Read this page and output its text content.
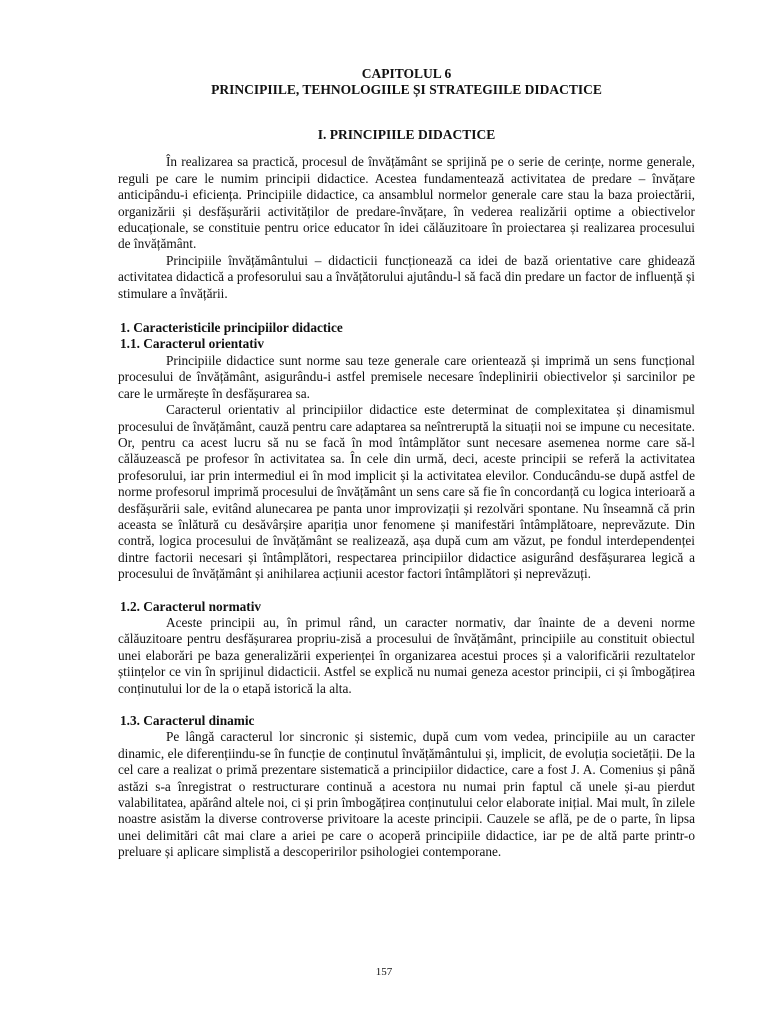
CAPITOLUL 6
PRINCIPIILE, TEHNOLOGIILE ȘI STRATEGIILE DIDACTICE
I. PRINCIPIILE DIDACTICE

În realizarea sa practică, procesul de învățământ se sprijină pe o serie de cerințe, norme generale, reguli pe care le numim principii didactice. Acestea fundamentează activitatea de predare – învățare anticipându-i eficiența. Principiile didactice, ca ansamblul normelor generale care stau la baza proiectării, organizării și desfășurării activităților de predare-învățare, în vederea realizării optime a obiectivelor educaționale, se constituie pentru orice educator în idei călăuzitoare în proiectarea și realizarea procesului de învățământ.

Principiile învățământului – didacticii funcționează ca idei de bază orientative care ghidează activitatea didactică a profesorului sau a învățătorului ajutându-l să facă din predare un factor de influență și stimulare a învățării.

1. Caracteristicile principiilor didactice
1.1. Caracterul orientativ

Principiile didactice sunt norme sau teze generale care orientează și imprimă un sens funcțional procesului de învățământ, asigurându-i astfel premisele necesare îndeplinirii obiectivelor și sarcinilor pe care le urmărește în desfășurarea sa.

Caracterul orientativ al principiilor didactice este determinat de complexitatea și dinamismul procesului de învățământ, cauză pentru care adaptarea sa neîntreruptă la situații noi se impune cu necesitate. Or, pentru ca acest lucru să nu se facă în mod întâmplător sunt necesare asemenea norme care să-l călăuzească pe profesor în activitatea sa. În cele din urmă, deci, aceste principii se referă la activitatea profesorului, iar prin intermediul ei în mod implicit și la activitatea elevilor. Conducându-se după astfel de norme profesorul imprimă procesului de învățământ un sens care să fie în concordanță cu logica interioară a desfășurării sale, evitând alunecarea pe panta unor improvizații și rezolvări spontane. Nu înseamnă că prin aceasta se înlătură cu desăvârșire apariția unor fenomene și manifestări întâmplătoare, neprevăzute. Din contră, logica procesului de învățământ se realizează, așa după cum am văzut, pe fondul interdependenței dintre factorii necesari și întâmplători, respectarea principiilor didactice asigurând desfășurarea legică a procesului de învățământ și anihilarea acțiunii acestor factori întâmplători și neprevăzuți.

1.2. Caracterul normativ

Aceste principii au, în primul rând, un caracter normativ, dar înainte de a deveni norme călăuzitoare pentru desfășurarea propriu-zisă a procesului de învățământ, principiile au constituit obiectul unei elaborări pe baza generalizării experienței în organizarea acestui proces și a valorificării rezultatelor științelor ce vin în sprijinul didacticii. Astfel se explică nu numai geneza acestor principii, ci și îmbogățirea conținutului lor de la o etapă istorică la alta.

1.3. Caracterul dinamic

Pe lângă caracterul lor sincronic și sistemic, după cum vom vedea, principiile au un caracter dinamic, ele diferențiindu-se în funcție de conținutul învățământului și, implicit, de evoluția societății. De la cel care a realizat o primă prezentare sistematică a principiilor didactice, care a fost J. A. Comenius și până astăzi s-a înregistrat o restructurare continuă a acestora nu numai prin faptul că unele și-au pierdut valabilitatea, apărând altele noi, ci și prin îmbogățirea conținutului celor elaborate inițial. Mai mult, în zilele noastre asistăm la diverse controverse privitoare la aceste principii. Cauzele se află, pe de o parte, în lipsa unei delimitări cât mai clare a ariei pe care o acoperă principiile didactice, iar pe de altă parte printr-o preluare și aplicare simplistă a descoperirilor psihologiei contemporane.

157
